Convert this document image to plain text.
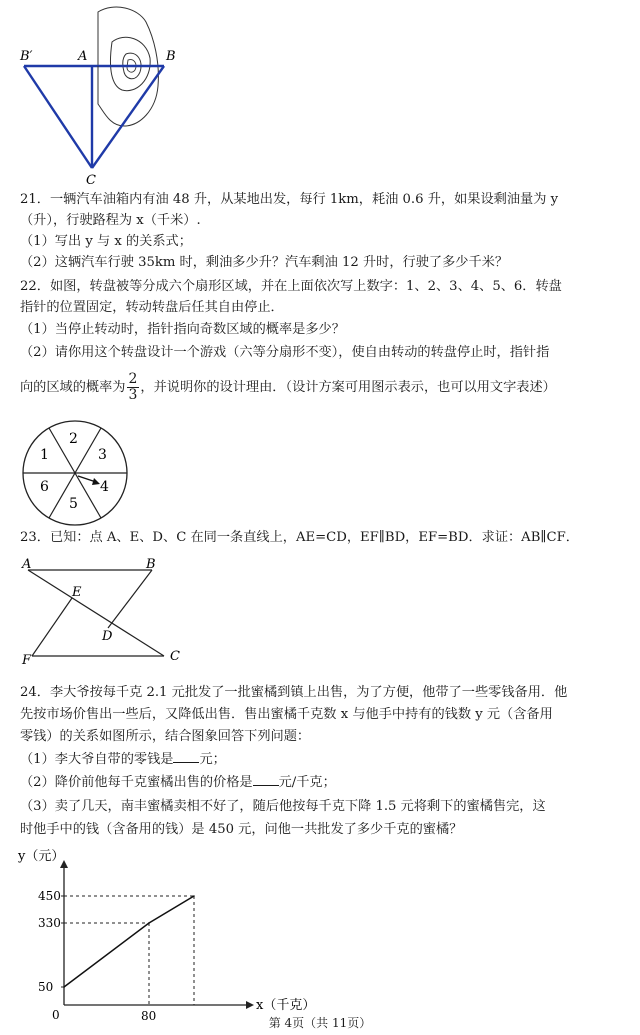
B′	A	B
C
21．一辆汽车油箱内有油 48 升，从某地出发，每行 1km，耗油 0.6 升，如果设剩油量为 y
（升），行驶路程为 x（千米）.
（1）写出 y 与 x 的关系式；
（2）这辆汽车行驶 35km 时，剩油多少升？汽车剩油 12 升时，行驶了多少千米？
22．如图，转盘被等分成六个扇形区域，并在上面依次写上数字：1、2、3、4、5、6．转盘
指针的位置固定，转动转盘后任其自由停止．
（1）当停止转动时，指针指向奇数区域的概率是多少？
（2）请你用这个转盘设计一个游戏（六等分扇形不变），使自由转动的转盘停止时，指针指
向的区域的概率为 $\frac{2}{3}$ ，并说明你的设计理由．（设计方案可用图示表示，也可以用文字表述）
1
2
3
4
5
6
23．已知：点 A、E、D、C 在同一条直线上，AE=CD，EF∥BD，EF=BD．求证：AB∥CF．
A	B
E
D
F	C
24．李大爷按每千克 2.1 元批发了一批蜜橘到镇上出售，为了方便，他带了一些零钱备用．他
先按市场价售出一些后，又降低出售．售出蜜橘千克数 x 与他手中持有的钱数 y 元（含备用
零钱）的关系如图所示，结合图象回答下列问题：
（1）李大爷自带的零钱是 元；
（2）降价前他每千克蜜橘出售的价格是 元/千克；
（3）卖了几天，南丰蜜橘卖相不好了，随后他按每千克下降 1.5 元将剩下的蜜橘售完，这
时他手中的钱（含备用的钱）是 450 元，问他一共批发了多少千克的蜜橘？
y（元）
x（千克）
0
50
330
450
80	第 4页（共 11页）
